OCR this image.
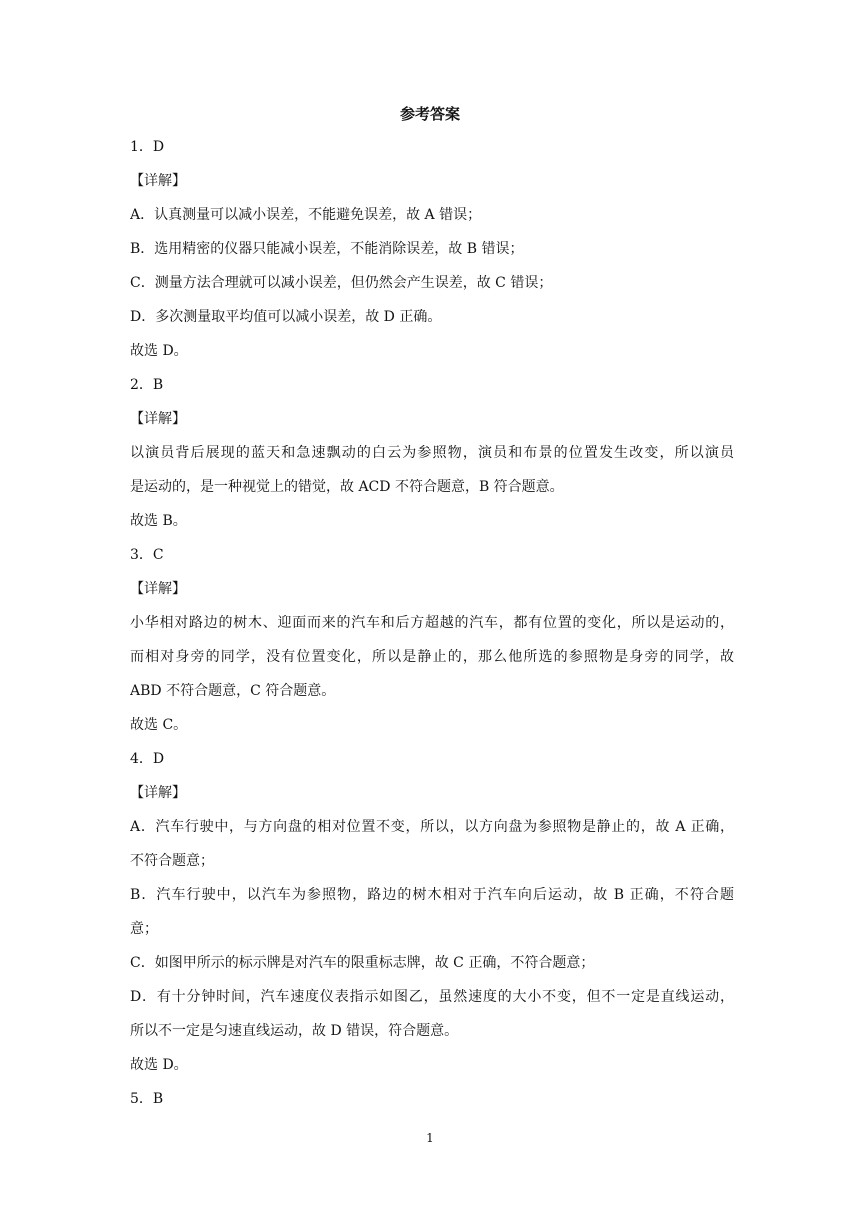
参考答案
1．D
【详解】
A．认真测量可以减小误差，不能避免误差，故 A 错误；
B．选用精密的仪器只能减小误差，不能消除误差，故 B 错误；
C．测量方法合理就可以减小误差，但仍然会产生误差，故 C 错误；
D．多次测量取平均值可以减小误差，故 D 正确。
故选 D。
2．B
【详解】
以演员背后展现的蓝天和急速飘动的白云为参照物，演员和布景的位置发生改变，所以演员
是运动的，是一种视觉上的错觉，故 ACD 不符合题意，B 符合题意。
故选 B。
3．C
【详解】
小华相对路边的树木、迎面而来的汽车和后方超越的汽车，都有位置的变化，所以是运动的，
而相对身旁的同学，没有位置变化，所以是静止的，那么他所选的参照物是身旁的同学，故
ABD 不符合题意，C 符合题意。
故选 C。
4．D
【详解】
A．汽车行驶中，与方向盘的相对位置不变，所以，以方向盘为参照物是静止的，故 A 正确，
不符合题意；
B．汽车行驶中，以汽车为参照物，路边的树木相对于汽车向后运动，故 B 正确，不符合题
意；
C．如图甲所示的标示牌是对汽车的限重标志牌，故 C 正确，不符合题意；
D．有十分钟时间，汽车速度仪表指示如图乙，虽然速度的大小不变，但不一定是直线运动，
所以不一定是匀速直线运动，故 D 错误，符合题意。
故选 D。
5．B
1
